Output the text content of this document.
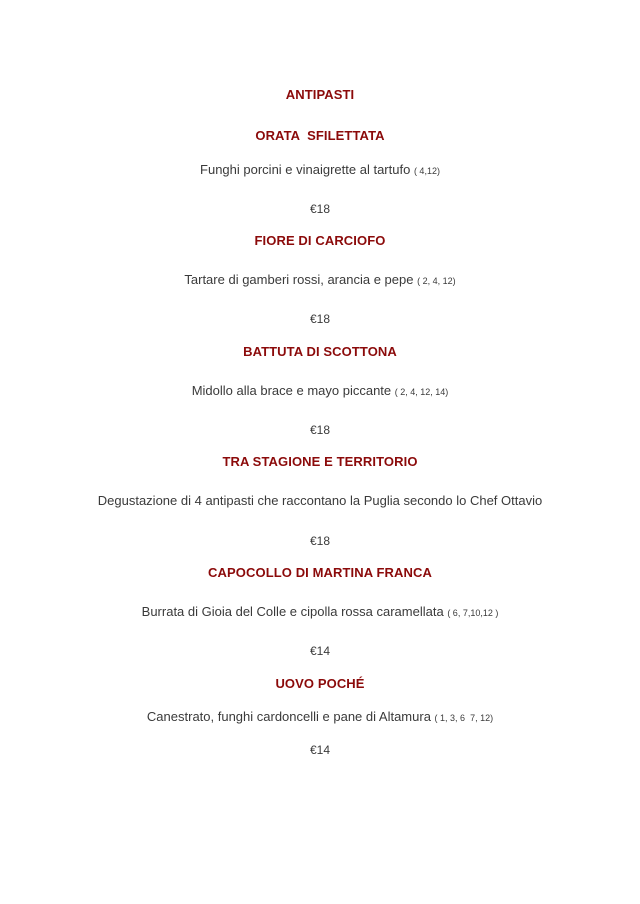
ANTIPASTI
ORATA  SFILETTATA
Funghi porcini e vinaigrette al tartufo ( 4,12)
€18
FIORE DI CARCIOFO
Tartare di gamberi rossi, arancia e pepe ( 2, 4, 12)
€18
BATTUTA DI SCOTTONA
Midollo alla brace e mayo piccante ( 2, 4, 12, 14)
€18
TRA STAGIONE E TERRITORIO
Degustazione di 4 antipasti che raccontano la Puglia secondo lo Chef Ottavio
€18
CAPOCOLLO DI MARTINA FRANCA
Burrata di Gioia del Colle e cipolla rossa caramellata ( 6, 7,10,12 )
€14
UOVO POCHÉ
Canestrato, funghi cardoncelli e pane di Altamura ( 1, 3, 6  7, 12)
€14
